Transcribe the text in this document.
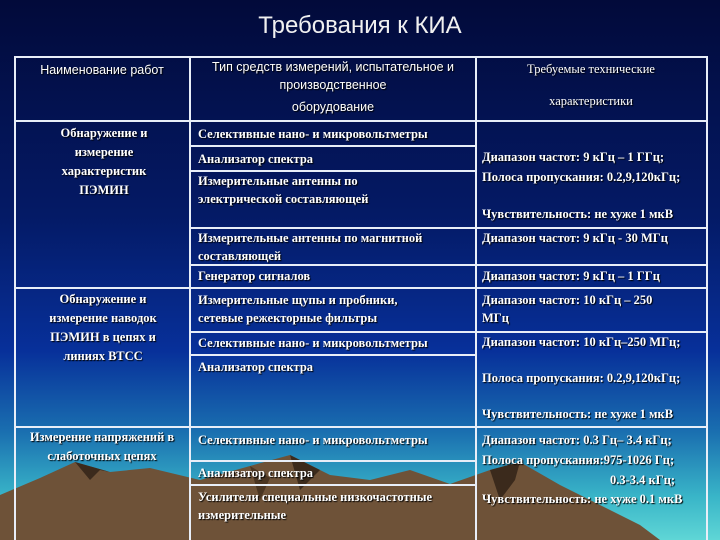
Требования к КИА
Наименование работ	Тип средств измерений, испытательное и производственное
оборудование
Требуемые технические
характеристики
Обнаружение и измерение характеристик ПЭМИН
Обнаружение и измерение наводок ПЭМИН в цепях и линиях ВТСС
Измерение напряжений в слаботочных цепях
Селективные нано- и микровольтметры
Анализатор спектра
Измерительные антенны по электрической составляющей
Измерительные антенны по магнитной составляющей
Генератор сигналов
Измерительные щупы и пробники, сетевые режекторные фильтры
Селективные нано- и микровольтметры
Анализатор спектра
Селективные нано- и микровольтметры
Анализатор спектра
Усилители специальные низкочастотные измерительные
Диапазон частот: 9 кГц – 1 ГГц;
Полоса пропускания: 0.2,9,120кГц;
Чувствительность: не хуже 1 мкВ
Диапазон частот: 9 кГц - 30 МГц
Диапазон частот: 9 кГц – 1 ГГц
Диапазон частот: 10 кГц – 250 МГц
Диапазон частот: 10 кГц–250 МГц;
Полоса пропускания: 0.2,9,120кГц;
Чувствительность: не хуже 1 мкВ
Диапазон частот: 0.3 Гц– 3.4 кГц;
Полоса пропускания:975-1026 Гц;
0.3-3.4 кГц;
Чувствительность: не хуже 0.1 мкВ
